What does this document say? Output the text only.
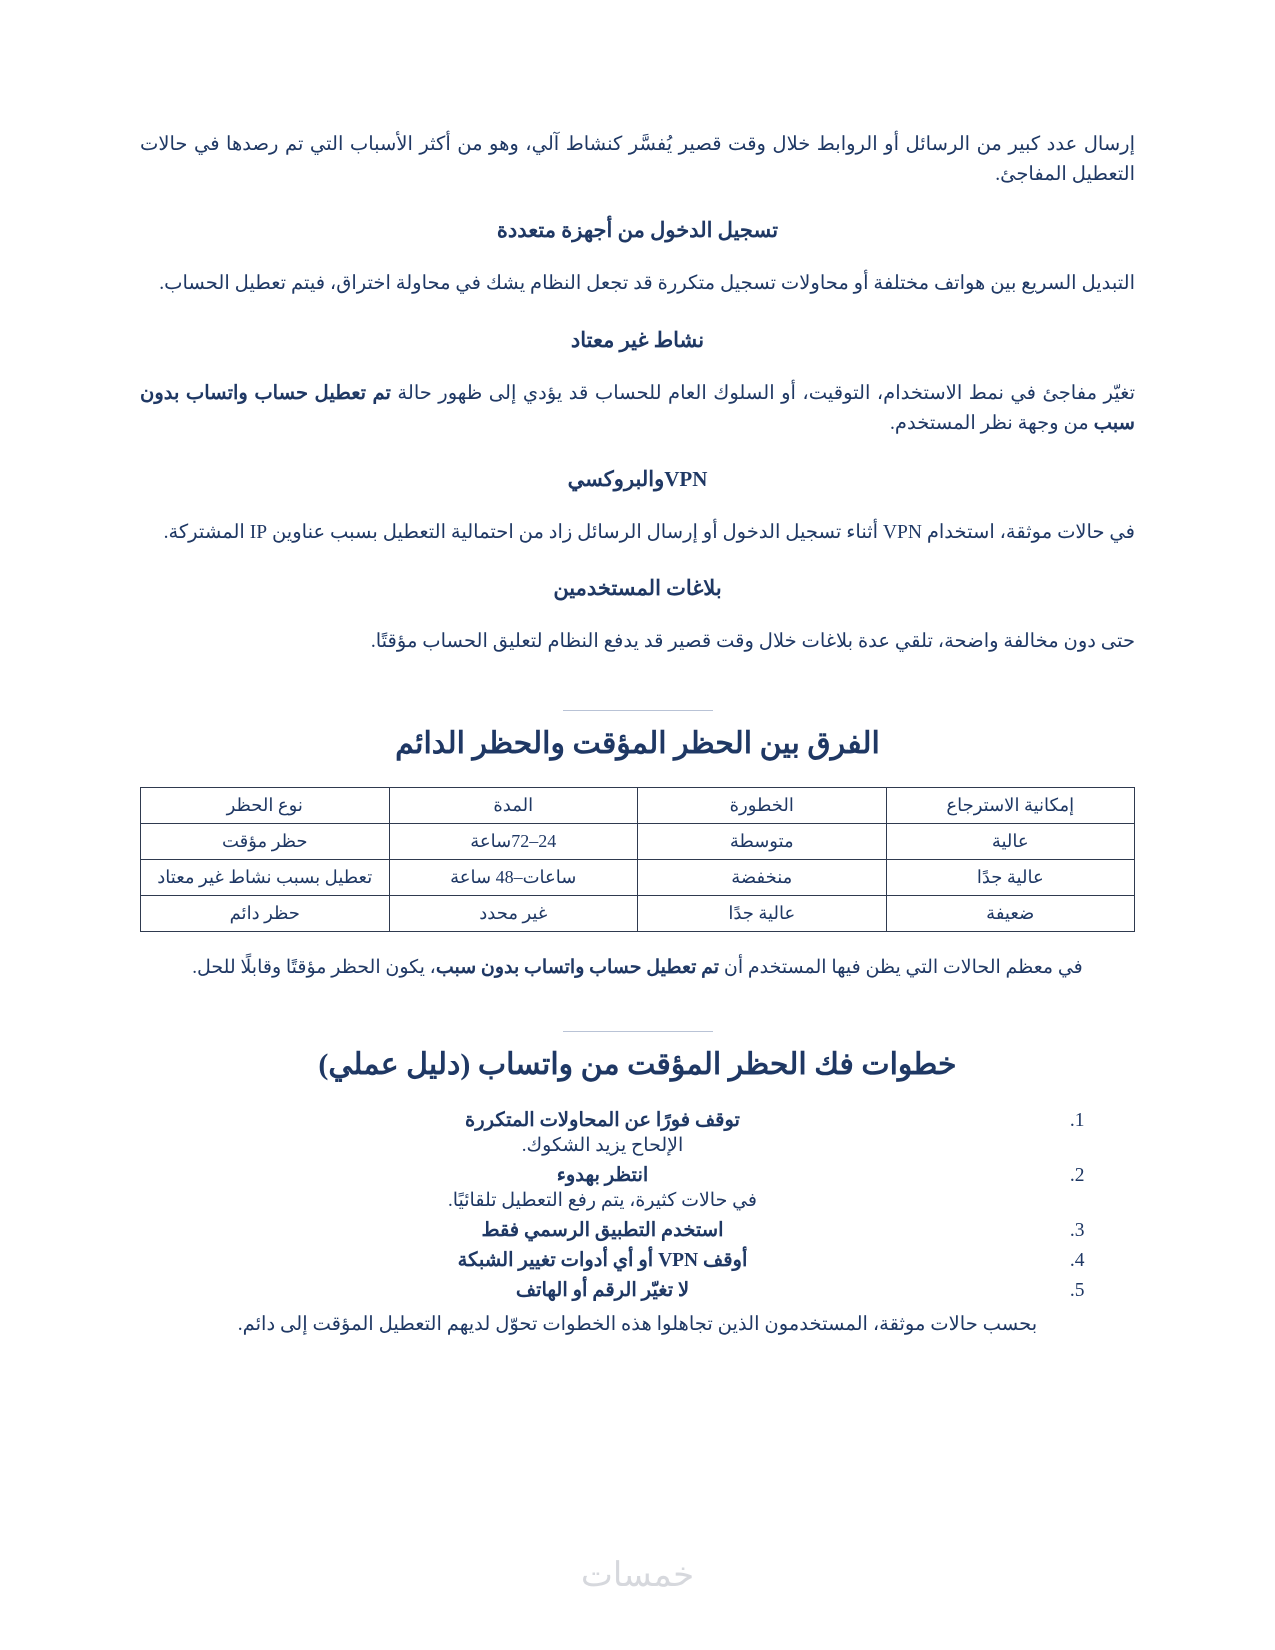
إرسال عدد كبير من الرسائل أو الروابط خلال وقت قصير يُفسَّر كنشاط آلي، وهو من أكثر الأسباب التي تم رصدها في حالات التعطيل المفاجئ.

تسجيل الدخول من أجهزة متعددة

التبديل السريع بين هواتف مختلفة أو محاولات تسجيل متكررة قد تجعل النظام يشك في محاولة اختراق، فيتم تعطيل الحساب.

نشاط غير معتاد

تغيّر مفاجئ في نمط الاستخدام، التوقيت، أو السلوك العام للحساب قد يؤدي إلى ظهور حالة تم تعطيل حساب واتساب بدون سبب من وجهة نظر المستخدم.

VPNوالبروكسي

في حالات موثقة، استخدام VPN أثناء تسجيل الدخول أو إرسال الرسائل زاد من احتمالية التعطيل بسبب عناوين IP المشتركة.

بلاغات المستخدمين

حتى دون مخالفة واضحة، تلقي عدة بلاغات خلال وقت قصير قد يدفع النظام لتعليق الحساب مؤقتًا.

الفرق بين الحظر المؤقت والحظر الدائم
إمكانية الاسترجاع	الخطورة	المدة	نوع الحظر
عالية	متوسطة	24–72ساعة	حظر مؤقت
عالية جدًا	منخفضة	ساعات–48 ساعة	تعطيل بسبب نشاط غير معتاد
ضعيفة	عالية جدًا	غير محدد	حظر دائم

في معظم الحالات التي يظن فيها المستخدم أن تم تعطيل حساب واتساب بدون سبب، يكون الحظر مؤقتًا وقابلًا للحل.

خطوات فك الحظر المؤقت من واتساب (دليل عملي)
1. توقف فورًا عن المحاولات المتكررة
الإلحاح يزيد الشكوك.
2. انتظر بهدوء
في حالات كثيرة، يتم رفع التعطيل تلقائيًا.
3. استخدم التطبيق الرسمي فقط
4. أوقف VPN أو أي أدوات تغيير الشبكة
5. لا تغيّر الرقم أو الهاتف

بحسب حالات موثقة، المستخدمون الذين تجاهلوا هذه الخطوات تحوّل لديهم التعطيل المؤقت إلى دائم.

خمسات
